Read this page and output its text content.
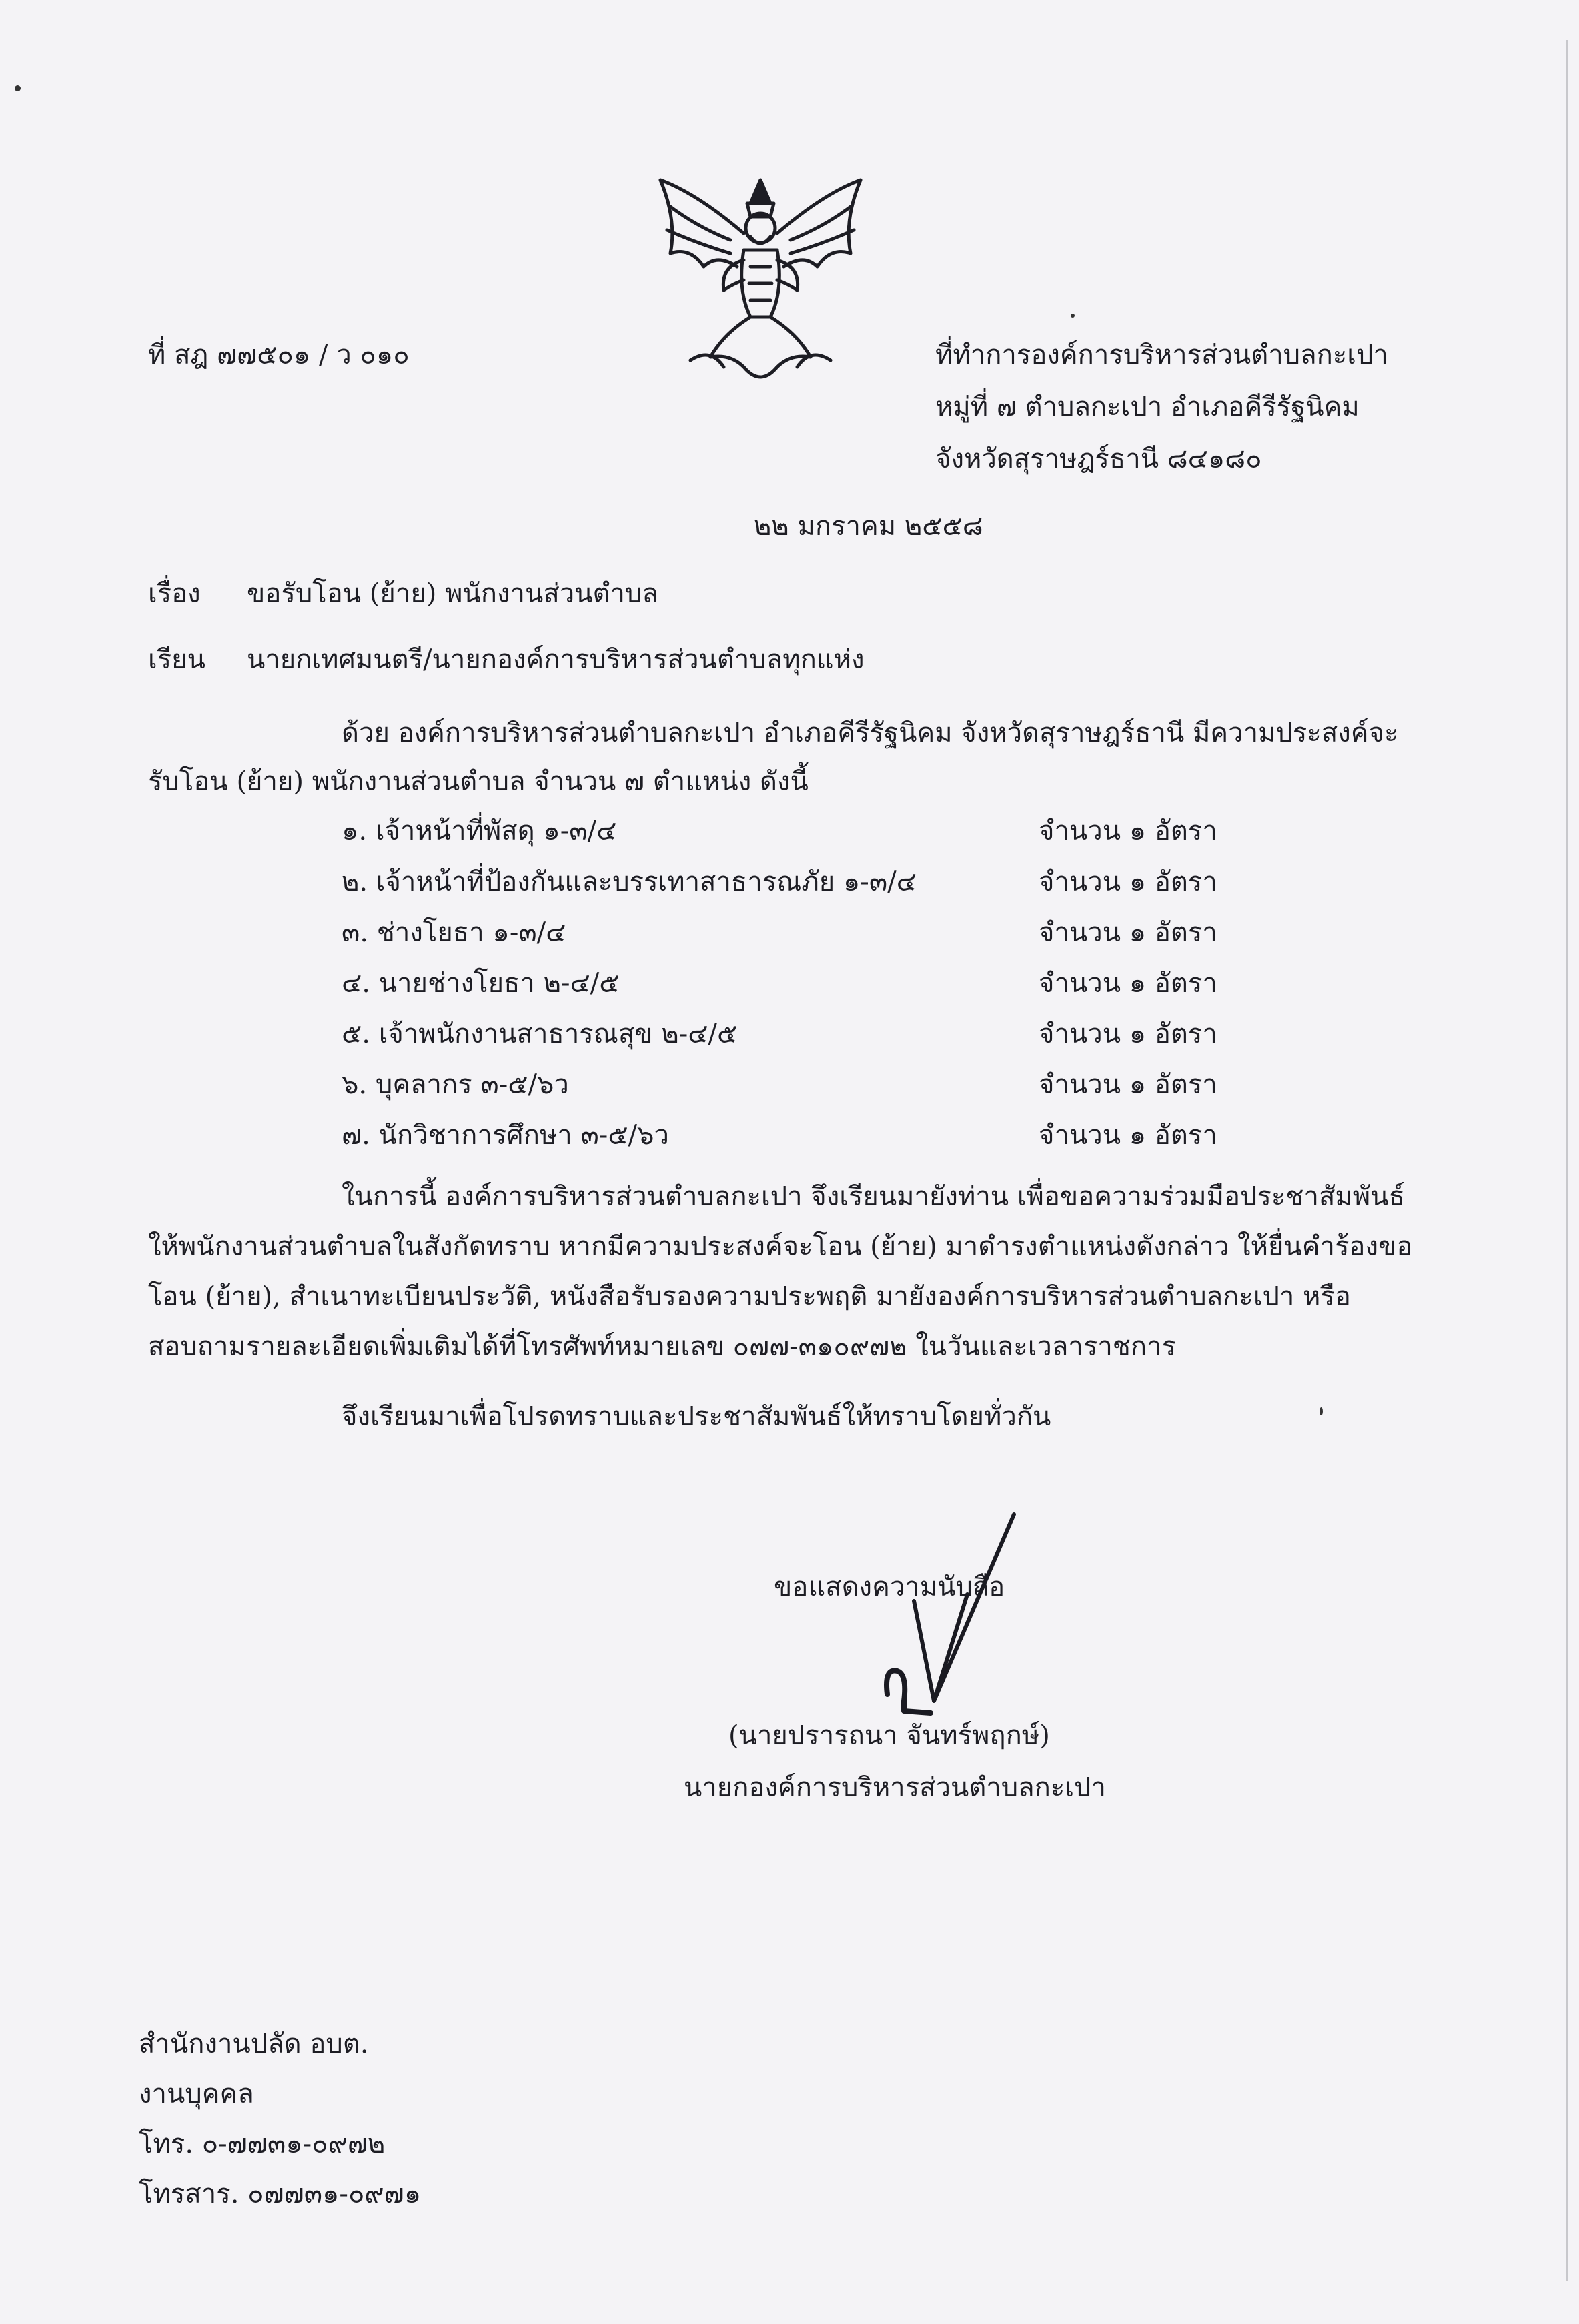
ที่ สฎ ๗๗๕๐๑ / ว ๐๑๐	ที่ทำการองค์การบริหารส่วนตำบลกะเปา
หมู่ที่ ๗ ตำบลกะเปา อำเภอคีรีรัฐนิคม
จังหวัดสุราษฎร์ธานี ๘๔๑๘๐
๒๒ มกราคม ๒๕๕๘
เรื่อง ขอรับโอน (ย้าย) พนักงานส่วนตำบล
เรียน นายกเทศมนตรี/นายกองค์การบริหารส่วนตำบลทุกแห่ง
ด้วย องค์การบริหารส่วนตำบลกะเปา อำเภอคีรีรัฐนิคม จังหวัดสุราษฎร์ธานี มีความประสงค์จะ
รับโอน (ย้าย) พนักงานส่วนตำบล จำนวน ๗ ตำแหน่ง ดังนี้
๑. เจ้าหน้าที่พัสดุ ๑-๓/๔	จำนวน ๑ อัตรา
๒. เจ้าหน้าที่ป้องกันและบรรเทาสาธารณภัย ๑-๓/๔	จำนวน ๑ อัตรา
๓. ช่างโยธา ๑-๓/๔	จำนวน ๑ อัตรา
๔. นายช่างโยธา ๒-๔/๕	จำนวน ๑ อัตรา
๕. เจ้าพนักงานสาธารณสุข ๒-๔/๕	จำนวน ๑ อัตรา
๖. บุคลากร ๓-๕/๖ว	จำนวน ๑ อัตรา
๗. นักวิชาการศึกษา ๓-๕/๖ว	จำนวน ๑ อัตรา
ในการนี้ องค์การบริหารส่วนตำบลกะเปา จึงเรียนมายังท่าน เพื่อขอความร่วมมือประชาสัมพันธ์
ให้พนักงานส่วนตำบลในสังกัดทราบ หากมีความประสงค์จะโอน (ย้าย) มาดำรงตำแหน่งดังกล่าว ให้ยื่นคำร้องขอ
โอน (ย้าย), สำเนาทะเบียนประวัติ, หนังสือรับรองความประพฤติ มายังองค์การบริหารส่วนตำบลกะเปา หรือ
สอบถามรายละเอียดเพิ่มเติมได้ที่โทรศัพท์หมายเลข ๐๗๗-๓๑๐๙๗๒ ในวันและเวลาราชการ
จึงเรียนมาเพื่อโปรดทราบและประชาสัมพันธ์ให้ทราบโดยทั่วกัน
ขอแสดงความนับถือ
(นายปรารถนา จันทร์พฤกษ์)
นายกองค์การบริหารส่วนตำบลกะเปา
สำนักงานปลัด อบต.
งานบุคคล
โทร. ๐-๗๗๓๑-๐๙๗๒
โทรสาร. ๐๗๗๓๑-๐๙๗๑
